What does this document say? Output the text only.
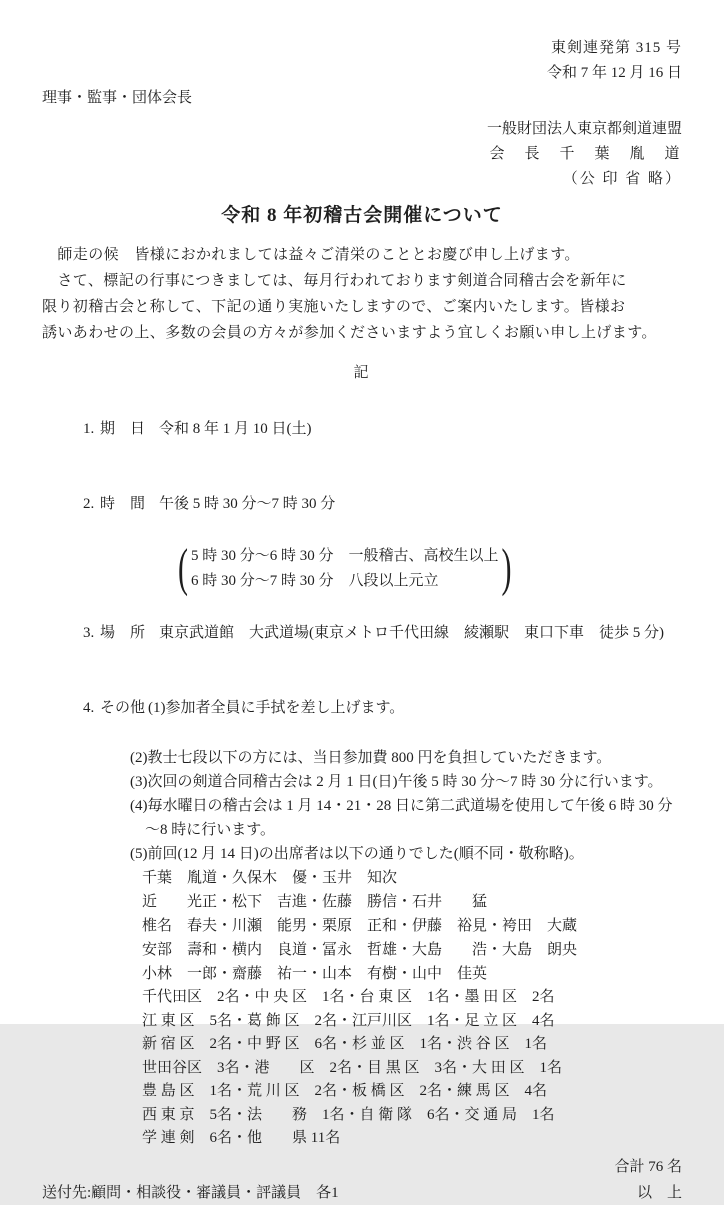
東剣連発第 315 号
令和 7 年 12 月 16 日
理事・監事・団体会長
一般財団法人東京都剣道連盟
会　長　千　葉　胤　道
（公 印 省 略）
令和 8 年初稽古会開催について
　師走の候　皆様におかれましては益々ご清栄のこととお慶び申し上げます。
　さて、標記の行事につきましては、毎月行われております剣道合同稽古会を新年に
限り初稽古会と称して、下記の通り実施いたしますので、ご案内いたします。皆様お
誘いあわせの上、多数の会員の方々が参加くださいますよう宜しくお願い申し上げます。
記

1. 期　日 令和 8 年 1 月 10 日(土)

2. 時　間 午後 5 時 30 分～7 時 30 分

( 5 時 30 分～6 時 30 分　一般稽古、高校生以上
6 時 30 分～7 時 30 分　八段以上元立	)

3. 場　所 東京武道館　大武道場(東京メトロ千代田線　綾瀬駅　東口下車　徒歩 5 分)

4. その他 (1)参加者全員に手拭を差し上げます。

(2)教士七段以下の方には、当日参加費 800 円を負担していただきます。
(3)次回の剣道合同稽古会は 2 月 1 日(日)午後 5 時 30 分～7 時 30 分に行います。
(4)毎水曜日の稽古会は 1 月 14・21・28 日に第二武道場を使用して午後 6 時 30 分
　～8 時に行います。
(5)前回(12 月 14 日)の出席者は以下の通りでした(順不同・敬称略)。
千葉　胤道・久保木　優・玉井　知次
近　　光正・松下　吉進・佐藤　勝信・石井　　猛
椎名　春夫・川瀬　能男・栗原　正和・伊藤　裕見・袴田　大蔵
安部　壽和・横内　良道・冨永　哲雄・大島　　浩・大島　朗央
小林　一郎・齋藤　祐一・山本　有樹・山中　佳英
千代田区　2名・中 央 区　1名・台 東 区　1名・墨 田 区　2名
江 東 区　5名・葛 飾 区　2名・江戸川区　1名・足 立 区　4名
新 宿 区　2名・中 野 区　6名・杉 並 区　1名・渋 谷 区　1名
世田谷区　3名・港　　区　2名・目 黒 区　3名・大 田 区　1名
豊 島 区　1名・荒 川 区　2名・板 橋 区　2名・練 馬 区　4名
西 東 京　5名・法　　務　1名・自 衛 隊　6名・交 通 局　1名
学 連 剣　6名・他　　県 11名
合計 76 名
送付先:顧問・相談役・審議員・評議員　各1	以　上
